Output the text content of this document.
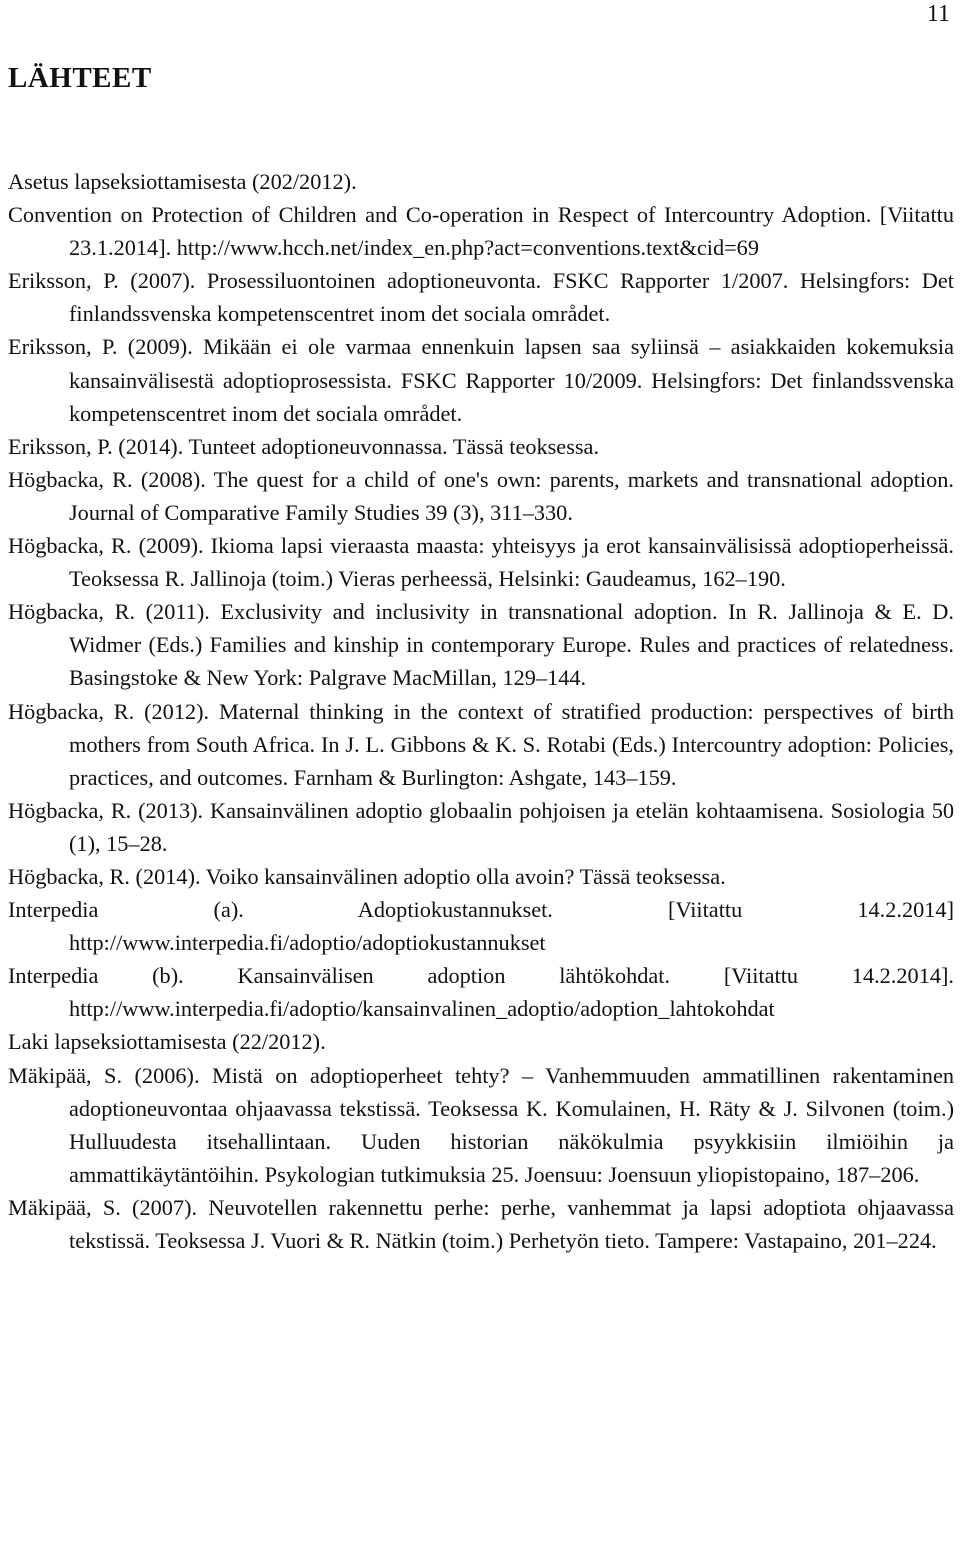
11
LÄHTEET
Asetus lapseksiottamisesta (202/2012).
Convention on Protection of Children and Co-operation in Respect of Intercountry Adoption. [Viitattu 23.1.2014]. http://www.hcch.net/index_en.php?act=conventions.text&cid=69
Eriksson, P. (2007). Prosessiluontoinen adoptioneuvonta. FSKC Rapporter 1/2007. Helsingfors: Det finlandssvenska kompetenscentret inom det sociala området.
Eriksson, P. (2009). Mikään ei ole varmaa ennenkuin lapsen saa syliinsä – asiakkaiden kokemuksia kansainvälisestä adoptioprosessista. FSKC Rapporter 10/2009. Helsingfors: Det finlandssvenska kompetenscentret inom det sociala området.
Eriksson, P. (2014). Tunteet adoptioneuvonnassa. Tässä teoksessa.
Högbacka, R. (2008). The quest for a child of one's own: parents, markets and transnational adoption. Journal of Comparative Family Studies 39 (3), 311–330.
Högbacka, R. (2009). Ikioma lapsi vieraasta maasta: yhteisyys ja erot kansainvälisissä adoptioperheissä. Teoksessa R. Jallinoja (toim.) Vieras perheessä, Helsinki: Gaudeamus, 162–190.
Högbacka, R. (2011). Exclusivity and inclusivity in transnational adoption. In R. Jallinoja & E. D. Widmer (Eds.) Families and kinship in contemporary Europe. Rules and practices of relatedness. Basingstoke & New York: Palgrave MacMillan, 129–144.
Högbacka, R. (2012). Maternal thinking in the context of stratified production: perspectives of birth mothers from South Africa. In J. L. Gibbons & K. S. Rotabi (Eds.) Intercountry adoption: Policies, practices, and outcomes. Farnham & Burlington: Ashgate, 143–159.
Högbacka, R. (2013). Kansainvälinen adoptio globaalin pohjoisen ja etelän kohtaamisena. Sosiologia 50 (1), 15–28.
Högbacka, R. (2014). Voiko kansainvälinen adoptio olla avoin? Tässä teoksessa.
Interpedia (a). Adoptiokustannukset. [Viitattu 14.2.2014] http://www.interpedia.fi/adoptio/adoptiokustannukset
Interpedia (b). Kansainvälisen adoption lähtökohdat. [Viitattu 14.2.2014]. http://www.interpedia.fi/adoptio/kansainvalinen_adoptio/adoption_lahtokohdat
Laki lapseksiottamisesta (22/2012).
Mäkipää, S. (2006). Mistä on adoptioperheet tehty? – Vanhemmuuden ammatillinen rakentaminen adoptioneuvontaa ohjaavassa tekstissä. Teoksessa K. Komulainen, H. Räty & J. Silvonen (toim.) Hulluudesta itsehallintaan. Uuden historian näkökulmia psyykkisiin ilmiöihin ja ammattikäytäntöihin. Psykologian tutkimuksia 25. Joensuu: Joensuun yliopistopaino, 187–206.
Mäkipää, S. (2007). Neuvotellen rakennettu perhe: perhe, vanhemmat ja lapsi adoptiota ohjaavassa tekstissä. Teoksessa J. Vuori & R. Nätkin (toim.) Perhetyön tieto. Tampere: Vastapaino, 201–224.
